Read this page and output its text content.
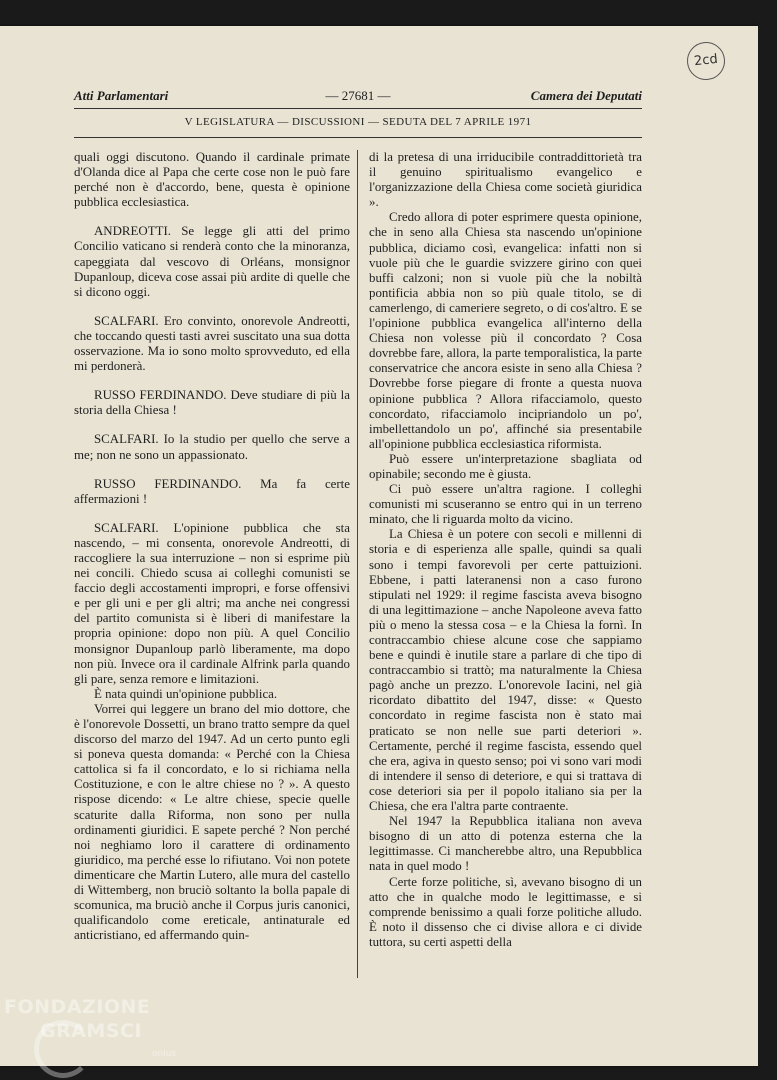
2cd
Atti Parlamentari	— 27681 —	Camera dei Deputati
V LEGISLATURA — DISCUSSIONI — SEDUTA DEL 7 APRILE 1971

quali oggi discutono. Quando il cardinale primate d'Olanda dice al Papa che certe cose non le può fare perché non è d'accordo, bene, questa è opinione pubblica ecclesiastica.

ANDREOTTI. Se legge gli atti del primo Concilio vaticano si renderà conto che la minoranza, capeggiata dal vescovo di Orléans, monsignor Dupanloup, diceva cose assai più ardite di quelle che si dicono oggi.

SCALFARI. Ero convinto, onorevole Andreotti, che toccando questi tasti avrei suscitato una sua dotta osservazione. Ma io sono molto sprovveduto, ed ella mi perdonerà.

RUSSO FERDINANDO. Deve studiare di più la storia della Chiesa !

SCALFARI. Io la studio per quello che serve a me; non ne sono un appassionato.

RUSSO FERDINANDO. Ma fa certe affermazioni !

SCALFARI. L'opinione pubblica che sta nascendo, – mi consenta, onorevole Andreotti, di raccogliere la sua interruzione – non si esprime più nei concili. Chiedo scusa ai colleghi comunisti se faccio degli accostamenti impropri, e forse offensivi e per gli uni e per gli altri; ma anche nei congressi del partito comunista si è liberi di manifestare la propria opinione: dopo non più. A quel Concilio monsignor Dupanloup parlò liberamente, ma dopo non più. Invece ora il cardinale Alfrink parla quando gli pare, senza remore e limitazioni.

È nata quindi un'opinione pubblica.

Vorrei qui leggere un brano del mio dottore, che è l'onorevole Dossetti, un brano tratto sempre da quel discorso del marzo del 1947. Ad un certo punto egli si poneva questa domanda: « Perché con la Chiesa cattolica si fa il concordato, e lo si richiama nella Costituzione, e con le altre chiese no ? ». A questo rispose dicendo: « Le altre chiese, specie quelle scaturite dalla Riforma, non sono per nulla ordinamenti giuridici. E sapete perché ? Non perché noi neghiamo loro il carattere di ordinamento giuridico, ma perché esse lo rifiutano. Voi non potete dimenticare che Martin Lutero, alle mura del castello di Wittemberg, non bruciò soltanto la bolla papale di scomunica, ma bruciò anche il Corpus juris canonici, qualificandolo come ereticale, antinaturale ed anticristiano, ed affermando quin-

di la pretesa di una irriducibile contraddittorietà tra il genuino spiritualismo evangelico e l'organizzazione della Chiesa come società giuridica ».

Credo allora di poter esprimere questa opinione, che in seno alla Chiesa sta nascendo un'opinione pubblica, diciamo così, evangelica: infatti non si vuole più che le guardie svizzere girino con quei buffi calzoni; non si vuole più che la nobiltà pontificia abbia non so più quale titolo, se di camerlengo, di cameriere segreto, o di cos'altro. E se l'opinione pubblica evangelica all'interno della Chiesa non volesse più il concordato ? Cosa dovrebbe fare, allora, la parte temporalistica, la parte conservatrice che ancora esiste in seno alla Chiesa ? Dovrebbe forse piegare di fronte a questa nuova opinione pubblica ? Allora rifacciamolo, questo concordato, rifacciamolo incipriandolo un po', imbellettandolo un po', affinché sia presentabile all'opinione pubblica ecclesiastica riformista.

Può essere un'interpretazione sbagliata od opinabile; secondo me è giusta.

Ci può essere un'altra ragione. I colleghi comunisti mi scuseranno se entro qui in un terreno minato, che li riguarda molto da vicino.

La Chiesa è un potere con secoli e millenni di storia e di esperienza alle spalle, quindi sa quali sono i tempi favorevoli per certe pattuizioni. Ebbene, i patti lateranensi non a caso furono stipulati nel 1929: il regime fascista aveva bisogno di una legittimazione – anche Napoleone aveva fatto più o meno la stessa cosa – e la Chiesa la fornì. In contraccambio chiese alcune cose che sappiamo bene e quindi è inutile stare a parlare di che tipo di contraccambio si trattò; ma naturalmente la Chiesa pagò anche un prezzo. L'onorevole Iacini, nel già ricordato dibattito del 1947, disse: « Questo concordato in regime fascista non è stato mai praticato se non nelle sue parti deteriori ». Certamente, perché il regime fascista, essendo quel che era, agiva in questo senso; poi vi sono vari modi di intendere il senso di deteriore, e qui si trattava di cose deteriori sia per il popolo italiano sia per la Chiesa, che era l'altra parte contraente.

Nel 1947 la Repubblica italiana non aveva bisogno di un atto di potenza esterna che la legittimasse. Ci mancherebbe altro, una Repubblica nata in quel modo !

Certe forze politiche, sì, avevano bisogno di un atto che in qualche modo le legittimasse, e si comprende benissimo a quali forze politiche alludo. È noto il dissenso che ci divise allora e ci divide tuttora, su certi aspetti della

FONDAZIONE
GRAMSCI
onlus
